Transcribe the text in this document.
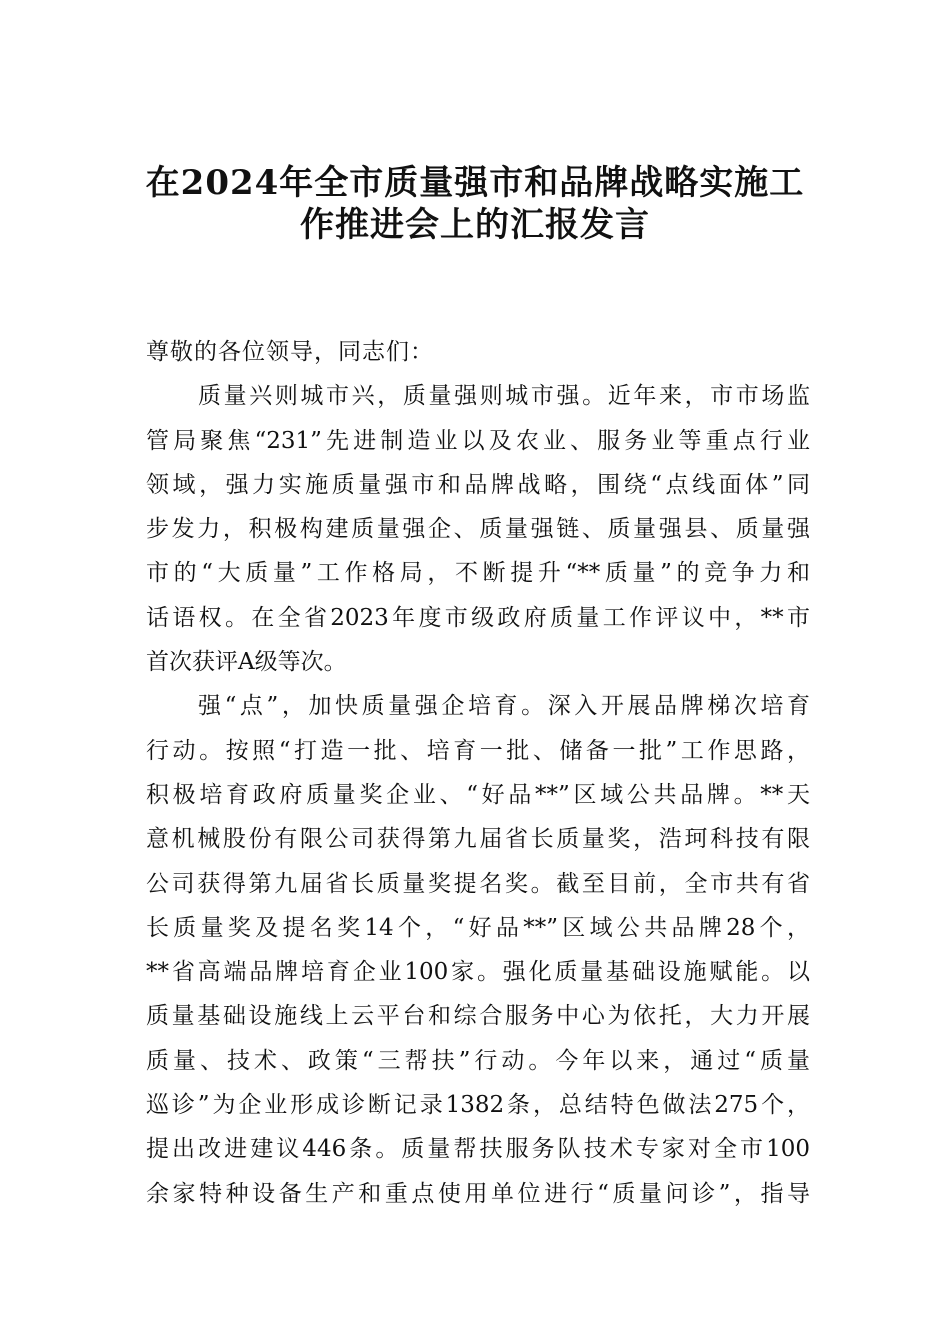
在2024年全市质量强市和品牌战略实施工
作推进会上的汇报发言
尊敬的各位领导，同志们：
质量兴则城市兴，质量强则城市强。近年来，市市场监
管局聚焦“231”先进制造业以及农业、服务业等重点行业
领域，强力实施质量强市和品牌战略，围绕“点线面体”同
步发力，积极构建质量强企、质量强链、质量强县、质量强
市的“大质量”工作格局，不断提升“**质量”的竞争力和
话语权。在全省2023年度市级政府质量工作评议中，**市
首次获评A级等次。
强“点”，加快质量强企培育。深入开展品牌梯次培育
行动。按照“打造一批、培育一批、储备一批”工作思路，
积极培育政府质量奖企业、“好品**”区域公共品牌。**天
意机械股份有限公司获得第九届省长质量奖，浩珂科技有限
公司获得第九届省长质量奖提名奖。截至目前，全市共有省
长质量奖及提名奖14个，“好品**”区域公共品牌28个，
**省高端品牌培育企业100家。强化质量基础设施赋能。以
质量基础设施线上云平台和综合服务中心为依托，大力开展
质量、技术、政策“三帮扶”行动。今年以来，通过“质量
巡诊”为企业形成诊断记录1382条，总结特色做法275个，
提出改进建议446条。质量帮扶服务队技术专家对全市100
余家特种设备生产和重点使用单位进行“质量问诊”，指导
